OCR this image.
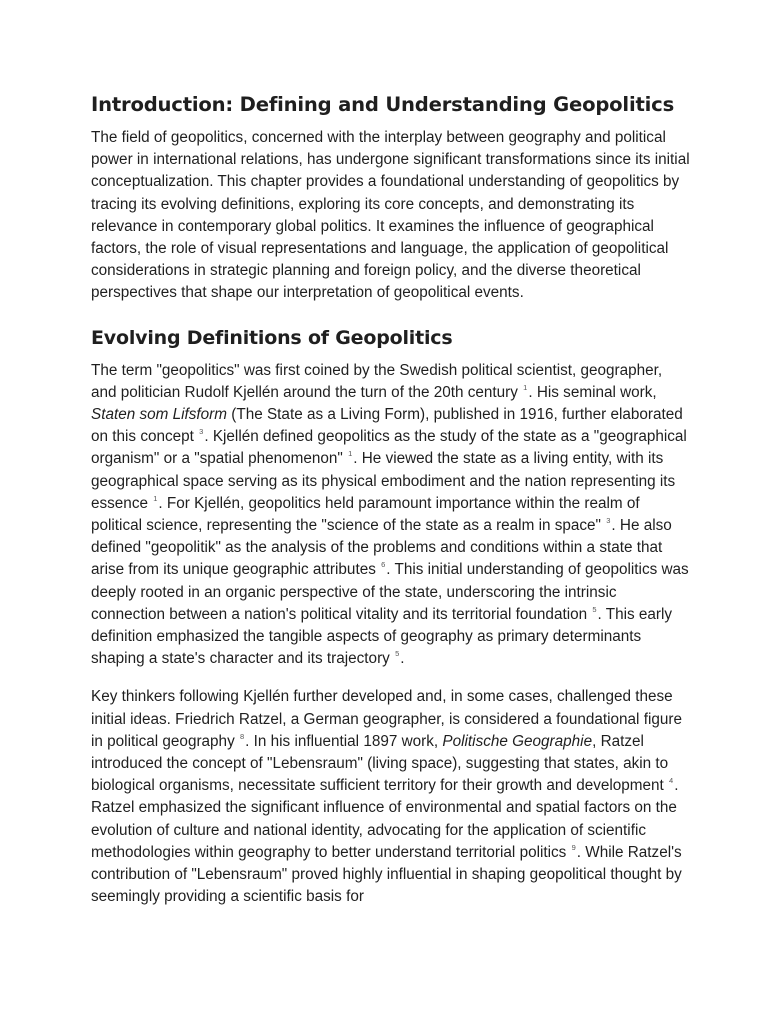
Introduction: Defining and Understanding Geopolitics

The field of geopolitics, concerned with the interplay between geography and political power in international relations, has undergone significant transformations since its initial conceptualization. This chapter provides a foundational understanding of geopolitics by tracing its evolving definitions, exploring its core concepts, and demonstrating its relevance in contemporary global politics. It examines the influence of geographical factors, the role of visual representations and language, the application of geopolitical considerations in strategic planning and foreign policy, and the diverse theoretical perspectives that shape our interpretation of geopolitical events.

Evolving Definitions of Geopolitics

The term "geopolitics" was first coined by the Swedish political scientist, geographer, and politician Rudolf Kjellén around the turn of the 20th century $^1$. His seminal work, Staten som Lifsform (The State as a Living Form), published in 1916, further elaborated on this concept $^3$. Kjellén defined geopolitics as the study of the state as a "geographical organism" or a "spatial phenomenon" $^1$. He viewed the state as a living entity, with its geographical space serving as its physical embodiment and the nation representing its essence $^1$. For Kjellén, geopolitics held paramount importance within the realm of political science, representing the "science of the state as a realm in space" $^3$. He also defined "geopolitik" as the analysis of the problems and conditions within a state that arise from its unique geographic attributes $^6$. This initial understanding of geopolitics was deeply rooted in an organic perspective of the state, underscoring the intrinsic connection between a nation's political vitality and its territorial foundation $^5$. This early definition emphasized the tangible aspects of geography as primary determinants shaping a state's character and its trajectory $^5$.

Key thinkers following Kjellén further developed and, in some cases, challenged these initial ideas. Friedrich Ratzel, a German geographer, is considered a foundational figure in political geography $^8$. In his influential 1897 work, Politische Geographie, Ratzel introduced the concept of "Lebensraum" (living space), suggesting that states, akin to biological organisms, necessitate sufficient territory for their growth and development $^4$. Ratzel emphasized the significant influence of environmental and spatial factors on the evolution of culture and national identity, advocating for the application of scientific methodologies within geography to better understand territorial politics $^9$. While Ratzel's contribution of "Lebensraum" proved highly influential in shaping geopolitical thought by seemingly providing a scientific basis for
